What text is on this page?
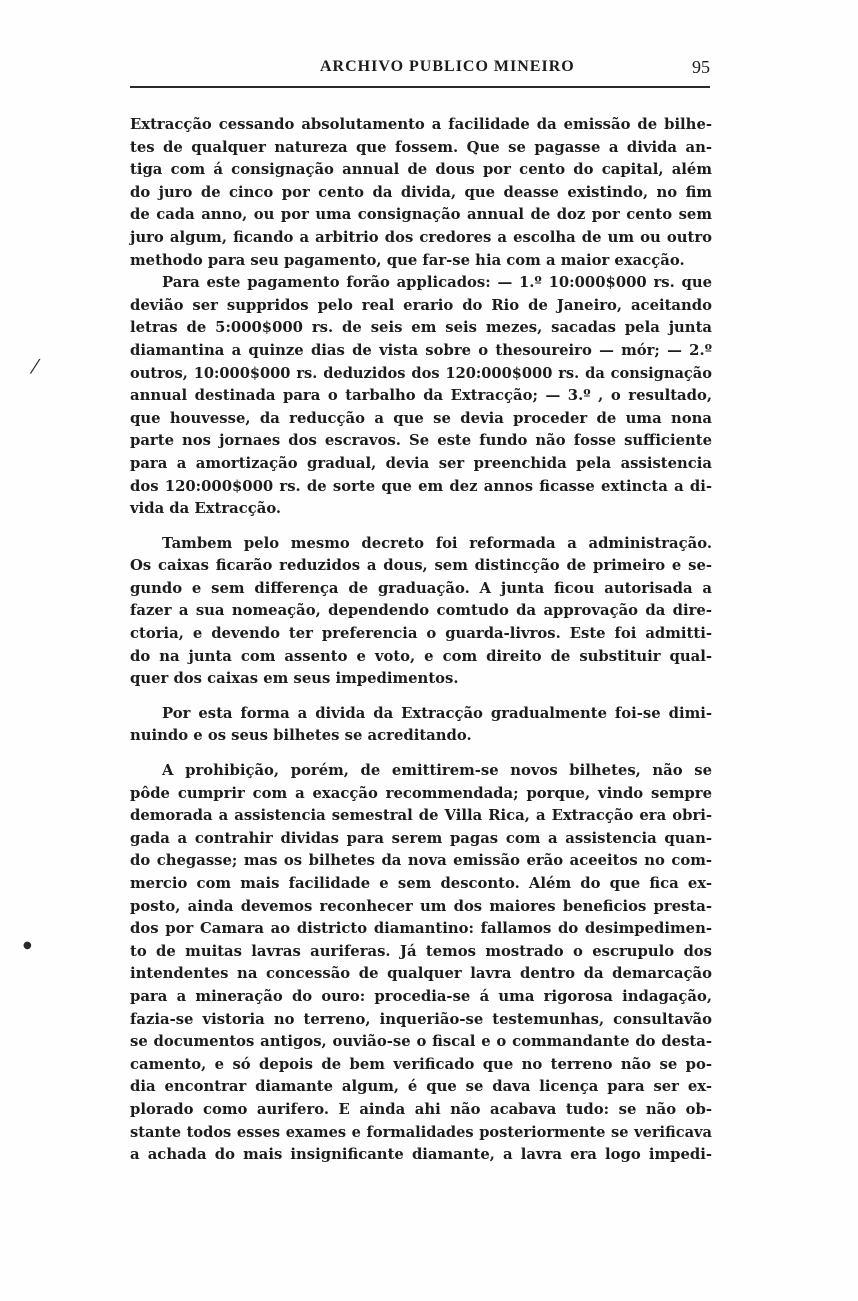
ARCHIVO PUBLICO MINEIRO	95
/
●
Extracção cessando absolutamento a facilidade da emissão de bilhe-
tes de qualquer natureza que fossem. Que se pagasse a divida an-
tiga com á consignação annual de dous por cento do capital, além
do juro de cinco por cento da divida, que deasse existindo, no fim
de cada anno, ou por uma consignação annual de doz por cento sem
juro algum, ficando a arbitrio dos credores a escolha de um ou outro
methodo para seu pagamento, que far-se hia com a maior exacção.
Para este pagamento forão applicados: — 1.º 10:000$000 rs. que
devião ser suppridos pelo real erario do Rio de Janeiro, aceitando
letras de 5:000$000 rs. de seis em seis mezes, sacadas pela junta
diamantina a quinze dias de vista sobre o thesoureiro — mór; — 2.º
outros, 10:000$000 rs. deduzidos dos 120:000$000 rs. da consignação
annual destinada para o tarbalho da Extracção; — 3.º , o resultado,
que houvesse, da reducção a que se devia proceder de uma nona
parte nos jornaes dos escravos. Se este fundo não fosse sufficiente
para a amortização gradual, devia ser preenchida pela assistencia
dos 120:000$000 rs. de sorte que em dez annos ficasse extincta a di-
vida da Extracção.
Tambem pelo mesmo decreto foi reformada a administração.
Os caixas ficarão reduzidos a dous, sem distincção de primeiro e se-
gundo e sem differença de graduação. A junta ficou autorisada a
fazer a sua nomeação, dependendo comtudo da approvação da dire-
ctoria, e devendo ter preferencia o guarda-livros. Este foi admitti-
do na junta com assento e voto, e com direito de substituir qual-
quer dos caixas em seus impedimentos.
Por esta forma a divida da Extracção gradualmente foi-se dimi-
nuindo e os seus bilhetes se acreditando.
A prohibição, porém, de emittirem-se novos bilhetes, não se
pôde cumprir com a exacção recommendada; porque, vindo sempre
demorada a assistencia semestral de Villa Rica, a Extracção era obri-
gada a contrahir dividas para serem pagas com a assistencia quan-
do chegasse; mas os bilhetes da nova emissão erão aceeitos no com-
mercio com mais facilidade e sem desconto. Além do que fica ex-
posto, ainda devemos reconhecer um dos maiores beneficios presta-
dos por Camara ao districto diamantino: fallamos do desimpedimen-
to de muitas lavras auriferas. Já temos mostrado o escrupulo dos
intendentes na concessão de qualquer lavra dentro da demarcação
para a mineração do ouro: procedia-se á uma rigorosa indagação,
fazia-se vistoria no terreno, inquerião-se testemunhas, consultavão
se documentos antigos, ouvião-se o fiscal e o commandante do desta-
camento, e só depois de bem verificado que no terreno não se po-
dia encontrar diamante algum, é que se dava licença para ser ex-
plorado como aurifero. E ainda ahi não acabava tudo: se não ob-
stante todos esses exames e formalidades posteriormente se verificava
a achada do mais insignificante diamante, a lavra era logo impedi-
